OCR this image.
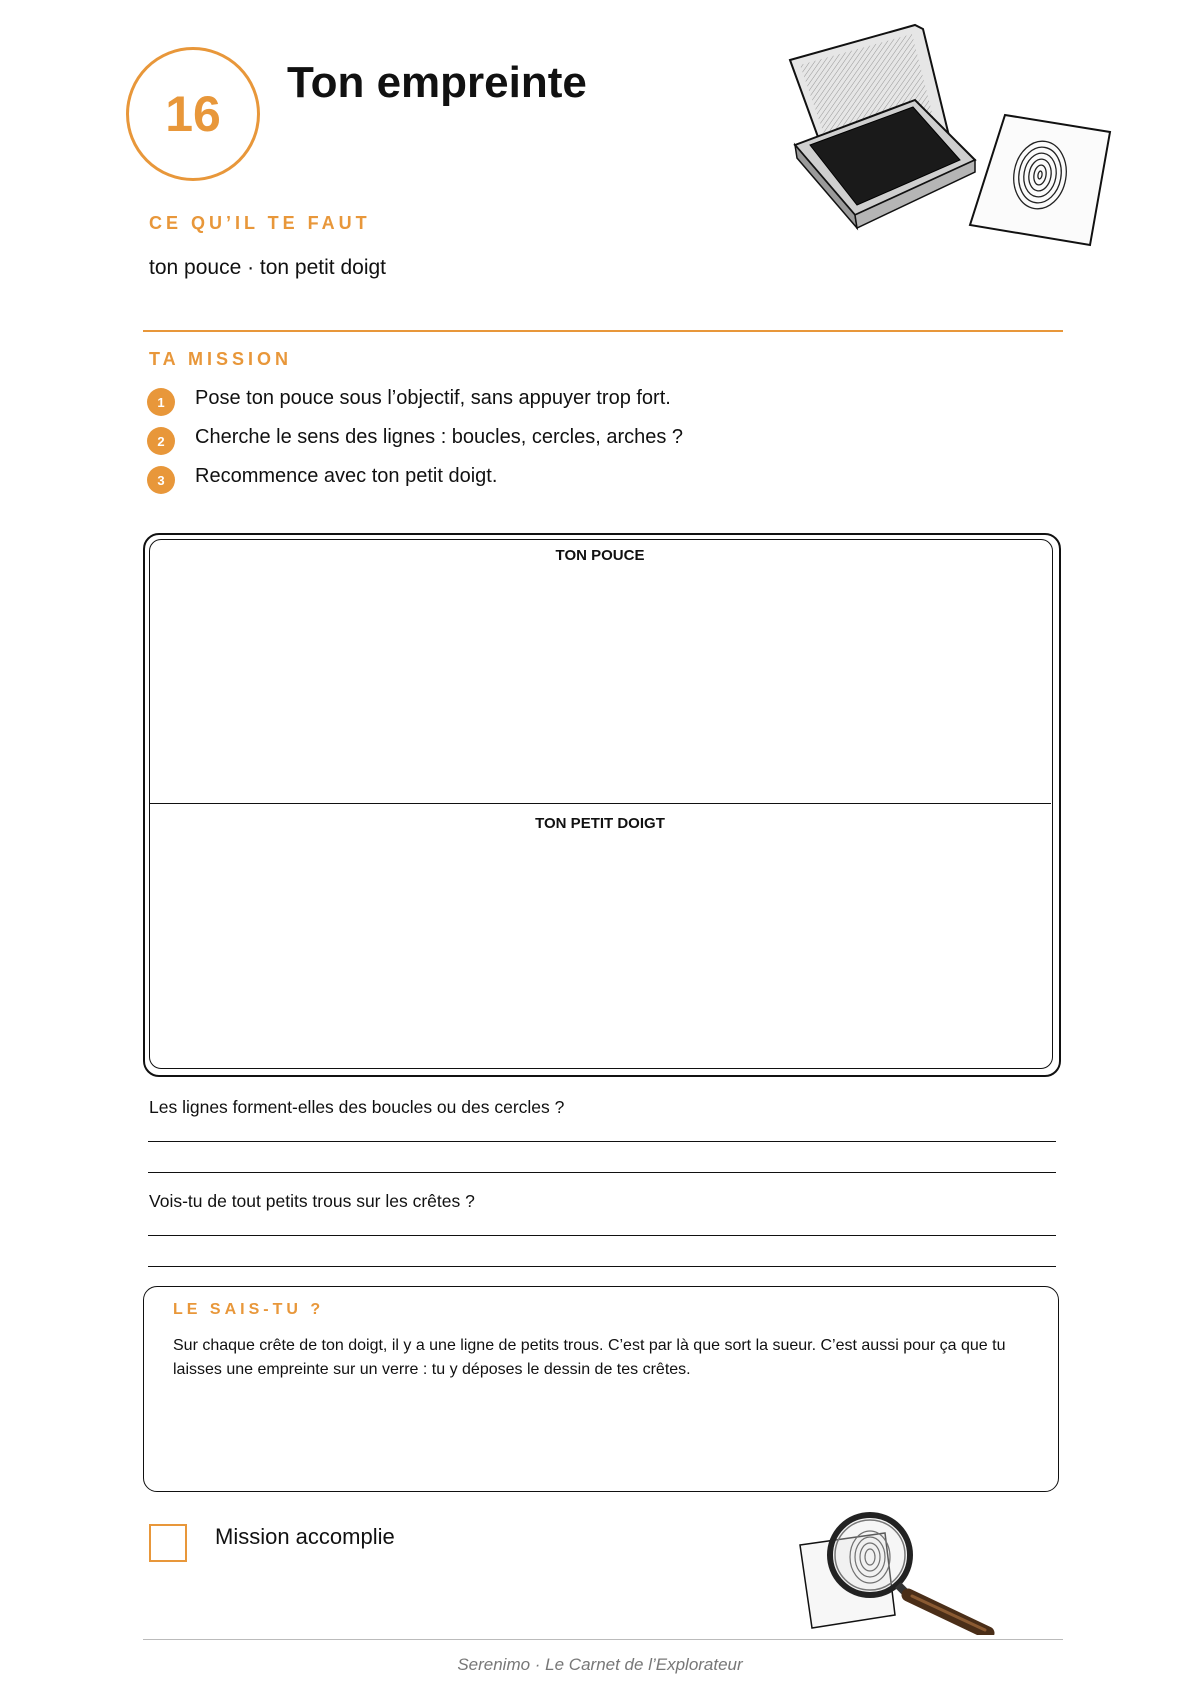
16
Ton empreinte
CE QU’IL TE FAUT
ton pouce · ton petit doigt
TA MISSION
1	Pose ton pouce sous l’objectif, sans appuyer trop fort.
2	Cherche le sens des lignes : boucles, cercles, arches ?
3	Recommence avec ton petit doigt.
TON POUCE
TON PETIT DOIGT
Les lignes forment-elles des boucles ou des cercles ?
Vois-tu de tout petits trous sur les crêtes ?
LE SAIS-TU ?
Sur chaque crête de ton doigt, il y a une ligne de petits trous. C’est par là que sort la sueur. C’est aussi pour ça que tu laisses une empreinte sur un verre : tu y déposes le dessin de tes crêtes.
Mission accomplie
Serenimo · Le Carnet de l’Explorateur
